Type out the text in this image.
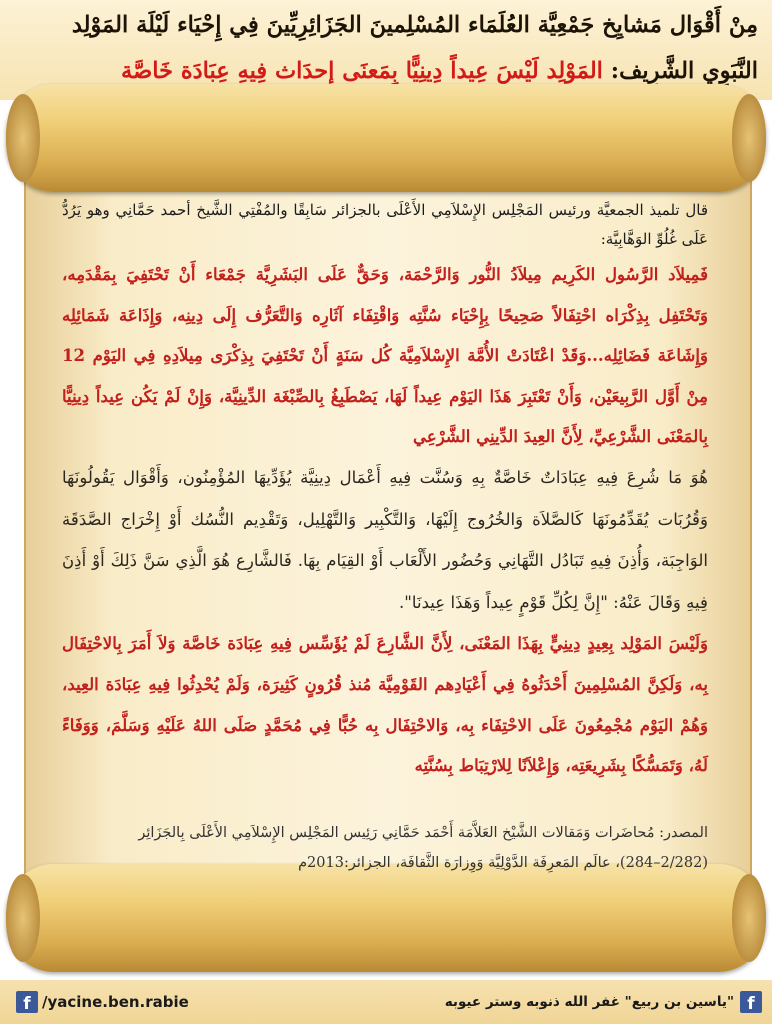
مِنْ أَقْوَال مَشايِخ جَمْعِيَّة العُلَمَاء المُسْلِمينَ الجَزَائِرِيِّينَ فِي إِحْيَاء لَيْلَة المَوْلِد
النَّبَوِي الشَّرِيف: المَوْلِد لَيْسَ عِيداً دِينِيًّا بِمَعنَى إِحدَاث فِيهِ عِبَادَة خَاصَّة

قال تلميذ الجمعيَّة ورئيس المَجْلِس الإِسْلاَمِي الأَعْلَى بالجزائر سَابِقًا والمُفْتِي الشَّيخ أحمد حَمَّانِي وهو يَرُدُّ عَلَى غُلُوِّ الوَهَّابِيَّة:

فَمِيلاَد الرَّسُول الكَرِيم مِيلاَدُ النُّور وَالرَّحْمَة، وَحَقٌّ عَلَى البَشَرِيَّة جَمْعَاء أَنْ تَحْتَفِيَ بِمَقْدَمِه، وَتَحْتَفِل بِذِكْرَاه احْتِفَالاً صَحِيحًا بِإِحْيَاء سُنَّتِه وَاقْتِفَاء آثَارِه وَالتَّعَرُّف إِلَى دِينِه، وَإِذَاعَة شَمَائِلِه وَإِشَاعَة فَضَائِلِه...وَقَدْ اعْتَادَتْ الأُمَّة الإِسْلاَمِيَّة كُل سَنَةٍ أَنْ تَحْتَفِيَ بِذِكْرَى مِيلاَدِهِ فِي اليَوْم 12 مِنْ أَوَّل الرَّبِيعَيْن، وَأَنْ تَعْتَبِرَ هَذَا اليَوْم عِيداً لَهَا، يَصْطَبِغُ بِالصِّبْغَة الدِّينِيَّة، وَإِنْ لَمْ يَكُن عِيداً دِينِيًّا بِالمَعْنَى الشَّرْعِيِّ، لِأَنَّ العِيدَ الدِّينِي الشَّرْعِي

هُوَ مَا شُرِعَ فِيهِ عِبَادَاتٌ خَاصَّةٌ بِهِ وَسُنَّت فِيهِ أَعْمَال دِينِيَّة يُؤَدِّيهَا المُؤْمِنُون، وَأَقْوَال يَقُولُونَهَا وَقُرُبَات يُقَدِّمُونَهَا كَالصَّلاَة وَالخُرُوج إِلَيْهَا، وَالتَّكْبِير وَالتَّهْلِيل، وَتَقْدِيم النُّسُك أَوْ إِخْرَاج الصَّدَقَة الوَاجِبَة، وَأُذِنَ فِيهِ تَبَادُل التَّهَانِي وَحُضُور الأَلْعَاب أَوْ القِيَام بِهَا. فَالشَّارِع هُوَ الَّذِي سَنَّ ذَلِكَ أَوْ أَذِنَ فِيهِ وَقَالَ عَنْهُ: "إِنَّ لِكُلِّ قَوْمٍ عِيداً وَهَذَا عِيدنَا".

وَلَيْسَ المَوْلِد بِعِيدٍ دِينِيٍّ بِهَذَا المَعْنَى، لِأَنَّ الشَّارِعَ لَمْ يُؤَسِّس فِيهِ عِبَادَة خَاصَّة وَلاَ أَمَرَ بِالاحْتِفَال بِه، وَلَكِنَّ المُسْلِمِينَ أَحْدَثُوهُ فِي أَعْيَادِهم القَوْمِيَّة مُنذ قُرُونٍ كَثِيرَة، وَلَمْ يُحْدِثُوا فِيهِ عِبَادَة العِيد، وَهُمْ اليَوْم مُجْمِعُونَ عَلَى الاحْتِفَاء بِه، وَالاحْتِفَال بِه حُبًّا فِي مُحَمَّدٍ صَلَى اللهُ عَلَيْهِ وَسَلَّمَ، وَوَفَاءً لَهُ، وَتَمَسُّكًا بِشَرِيعَتِه، وَإِعْلاَنًا لِلارْتِبَاط بِسُنَّتِه

المصدر: مُحاضَرات وَمَقالات الشَّيْخ العَلاَّمَة أَحْمَد حَمَّانِي رَئِيس المَجْلِس الإِسْلاَمِي الأَعْلَى بِالجَزَائِر
(2/282–284)، عالَم المَعرِفَة الدَّوْلِيَّة وَوِزارَة الثَّقافَة، الجزائر:2013م
f /yacine.ben.rabie	f
"ياسين بن ربيع" غفر الله ذنوبه وستر عيوبه
